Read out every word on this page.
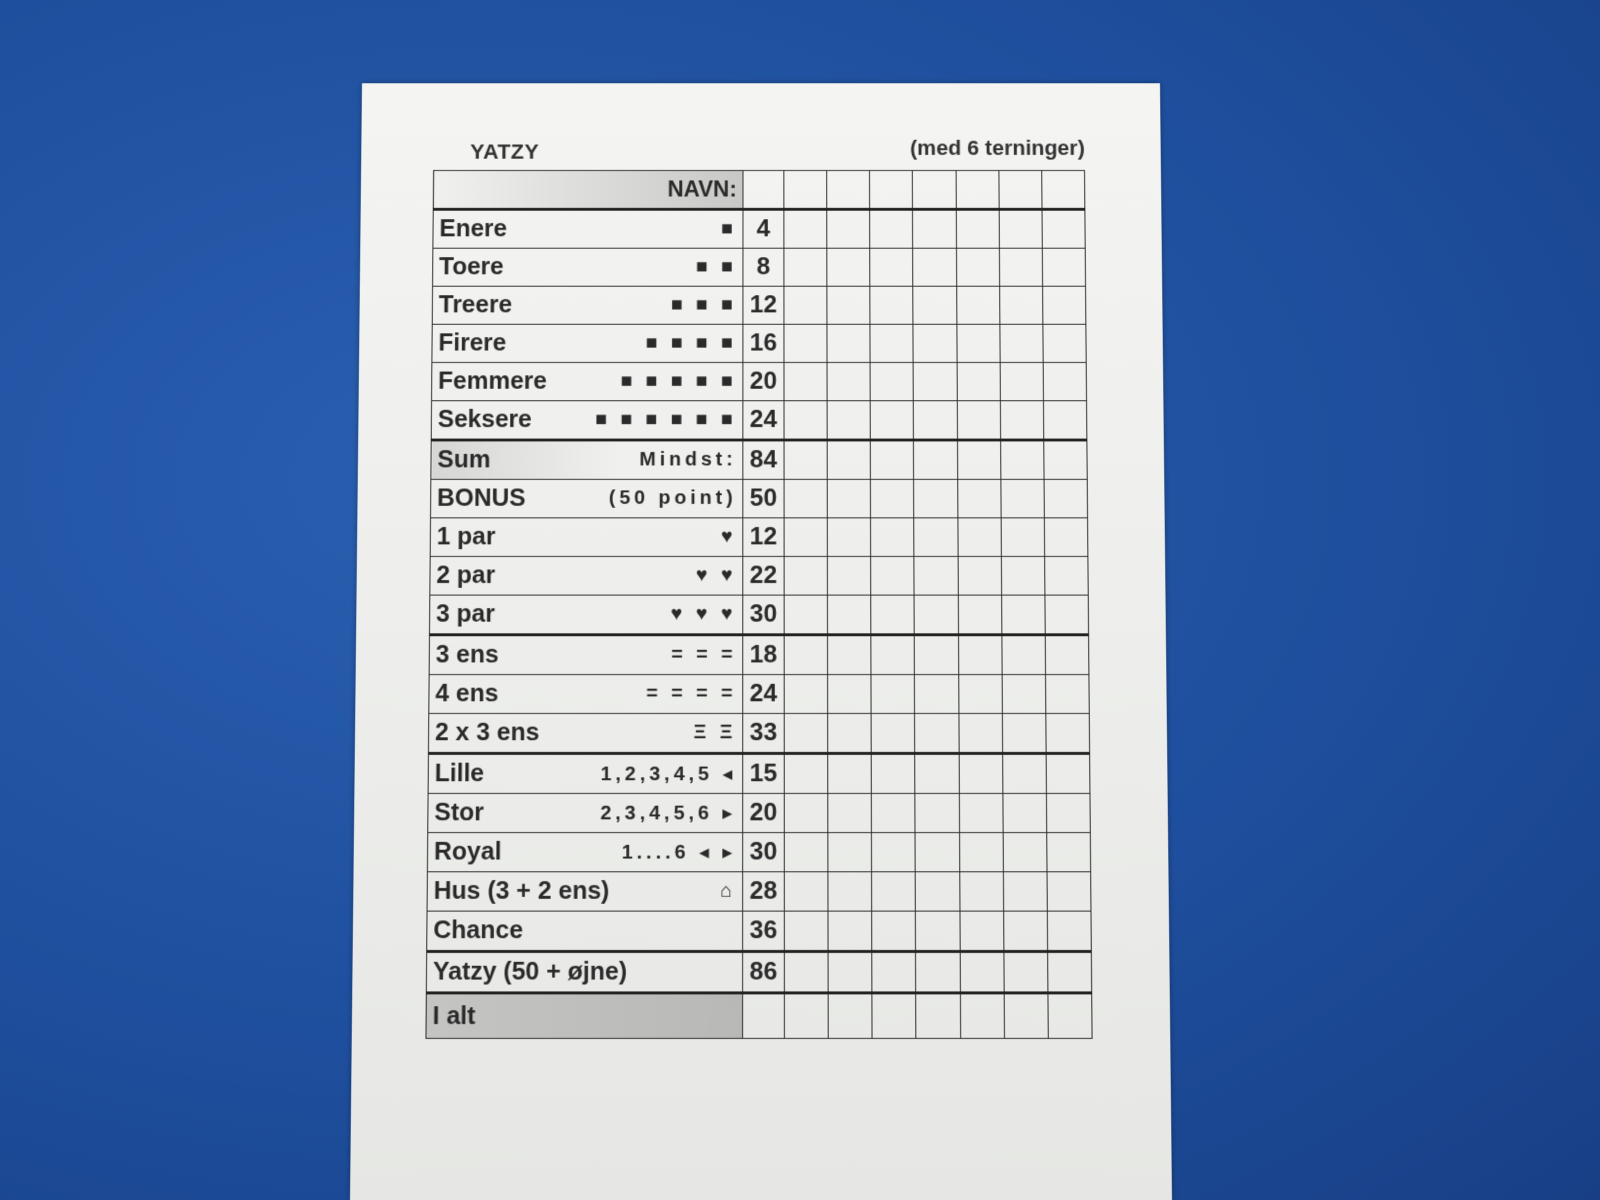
YATZY	(med 6 terninger)
NAVN:								

Enere ■	4							

Toere ■ ■	8							

Treere ■ ■ ■	12							

Firere ■ ■ ■ ■	16							

Femmere ■ ■ ■ ■ ■	20							

Seksere ■ ■ ■ ■ ■ ■	24							

Sum Mindst:	84							

BONUS (50 point)	50							

1 par ♥	12							

2 par ♥ ♥	22							

3 par ♥ ♥ ♥	30							

3 ens = = =	18							

4 ens = = = =	24							

2 x 3 ens Ξ Ξ	33							

Lille 1,2,3,4,5 ◂	15							

Stor 2,3,4,5,6 ▸	20							

Royal 1....6 ◂ ▸	30							

Hus (3 + 2 ens) ⌂	28							

Chance	36							

Yatzy (50 + øjne)	86							
I alt								
